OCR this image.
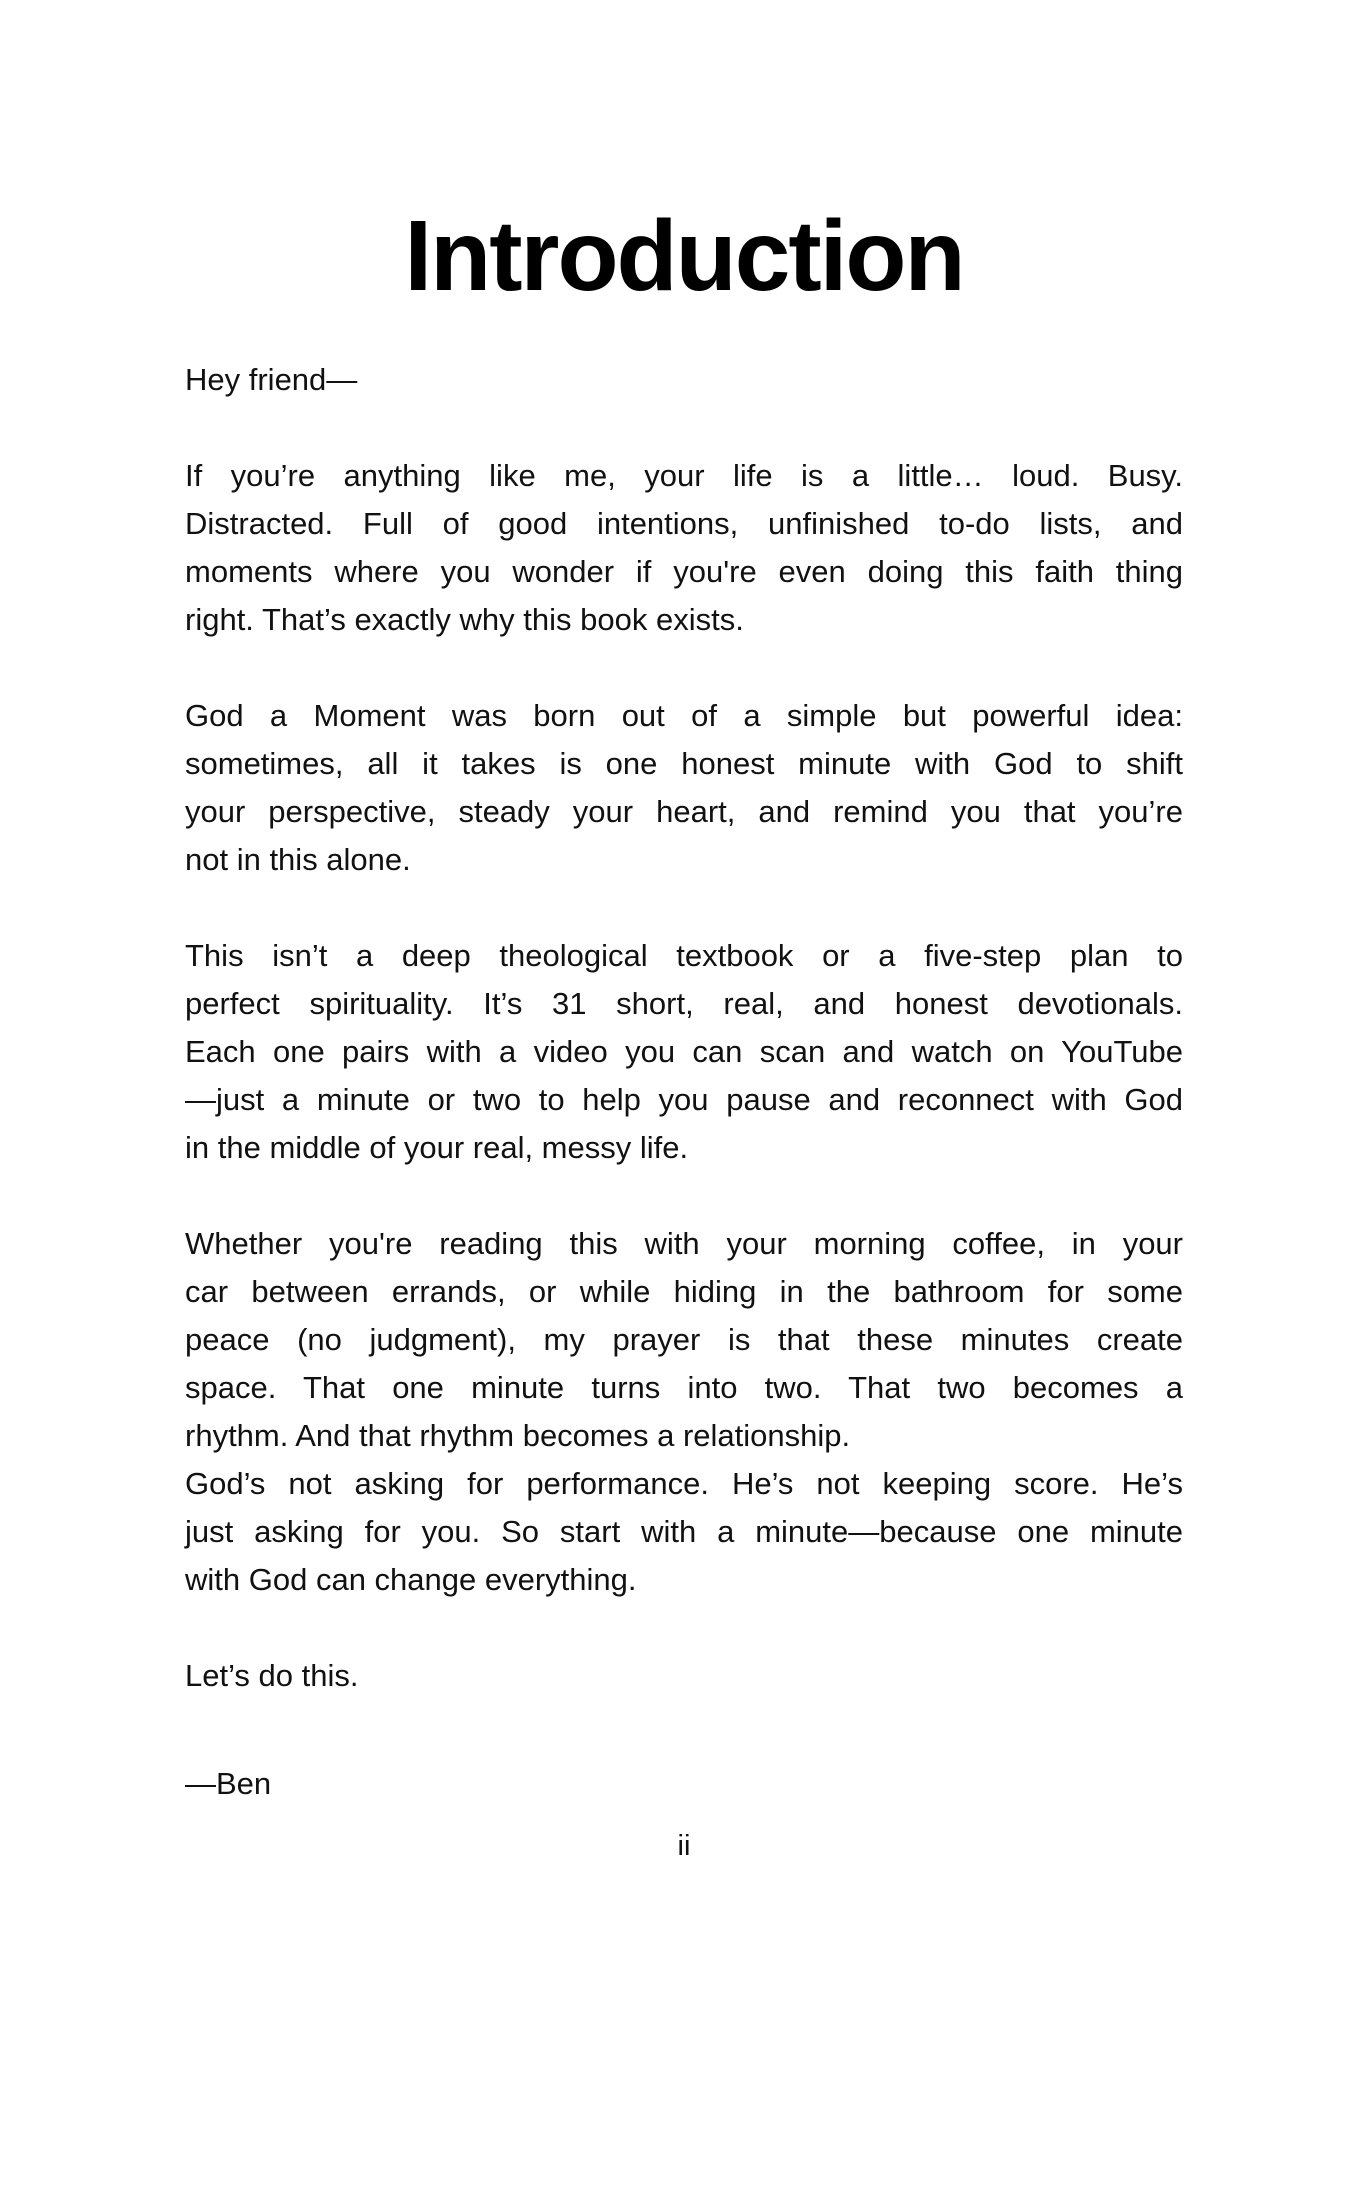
Introduction
Hey friend—
If you’re anything like me, your life is a little… loud. Busy.
Distracted. Full of good intentions, unfinished to-do lists, and
moments where you wonder if you're even doing this faith thing
right. That’s exactly why this book exists.
God a Moment was born out of a simple but powerful idea:
sometimes, all it takes is one honest minute with God to shift
your perspective, steady your heart, and remind you that you’re
not in this alone.
This isn’t a deep theological textbook or a five-step plan to
perfect spirituality. It’s 31 short, real, and honest devotionals.
Each one pairs with a video you can scan and watch on YouTube
—just a minute or two to help you pause and reconnect with God
in the middle of your real, messy life.
Whether you're reading this with your morning coffee, in your
car between errands, or while hiding in the bathroom for some
peace (no judgment), my prayer is that these minutes create
space. That one minute turns into two. That two becomes a
rhythm. And that rhythm becomes a relationship.
God’s not asking for performance. He’s not keeping score. He’s
just asking for you. So start with a minute—because one minute
with God can change everything.
Let’s do this.
—Ben
ii
